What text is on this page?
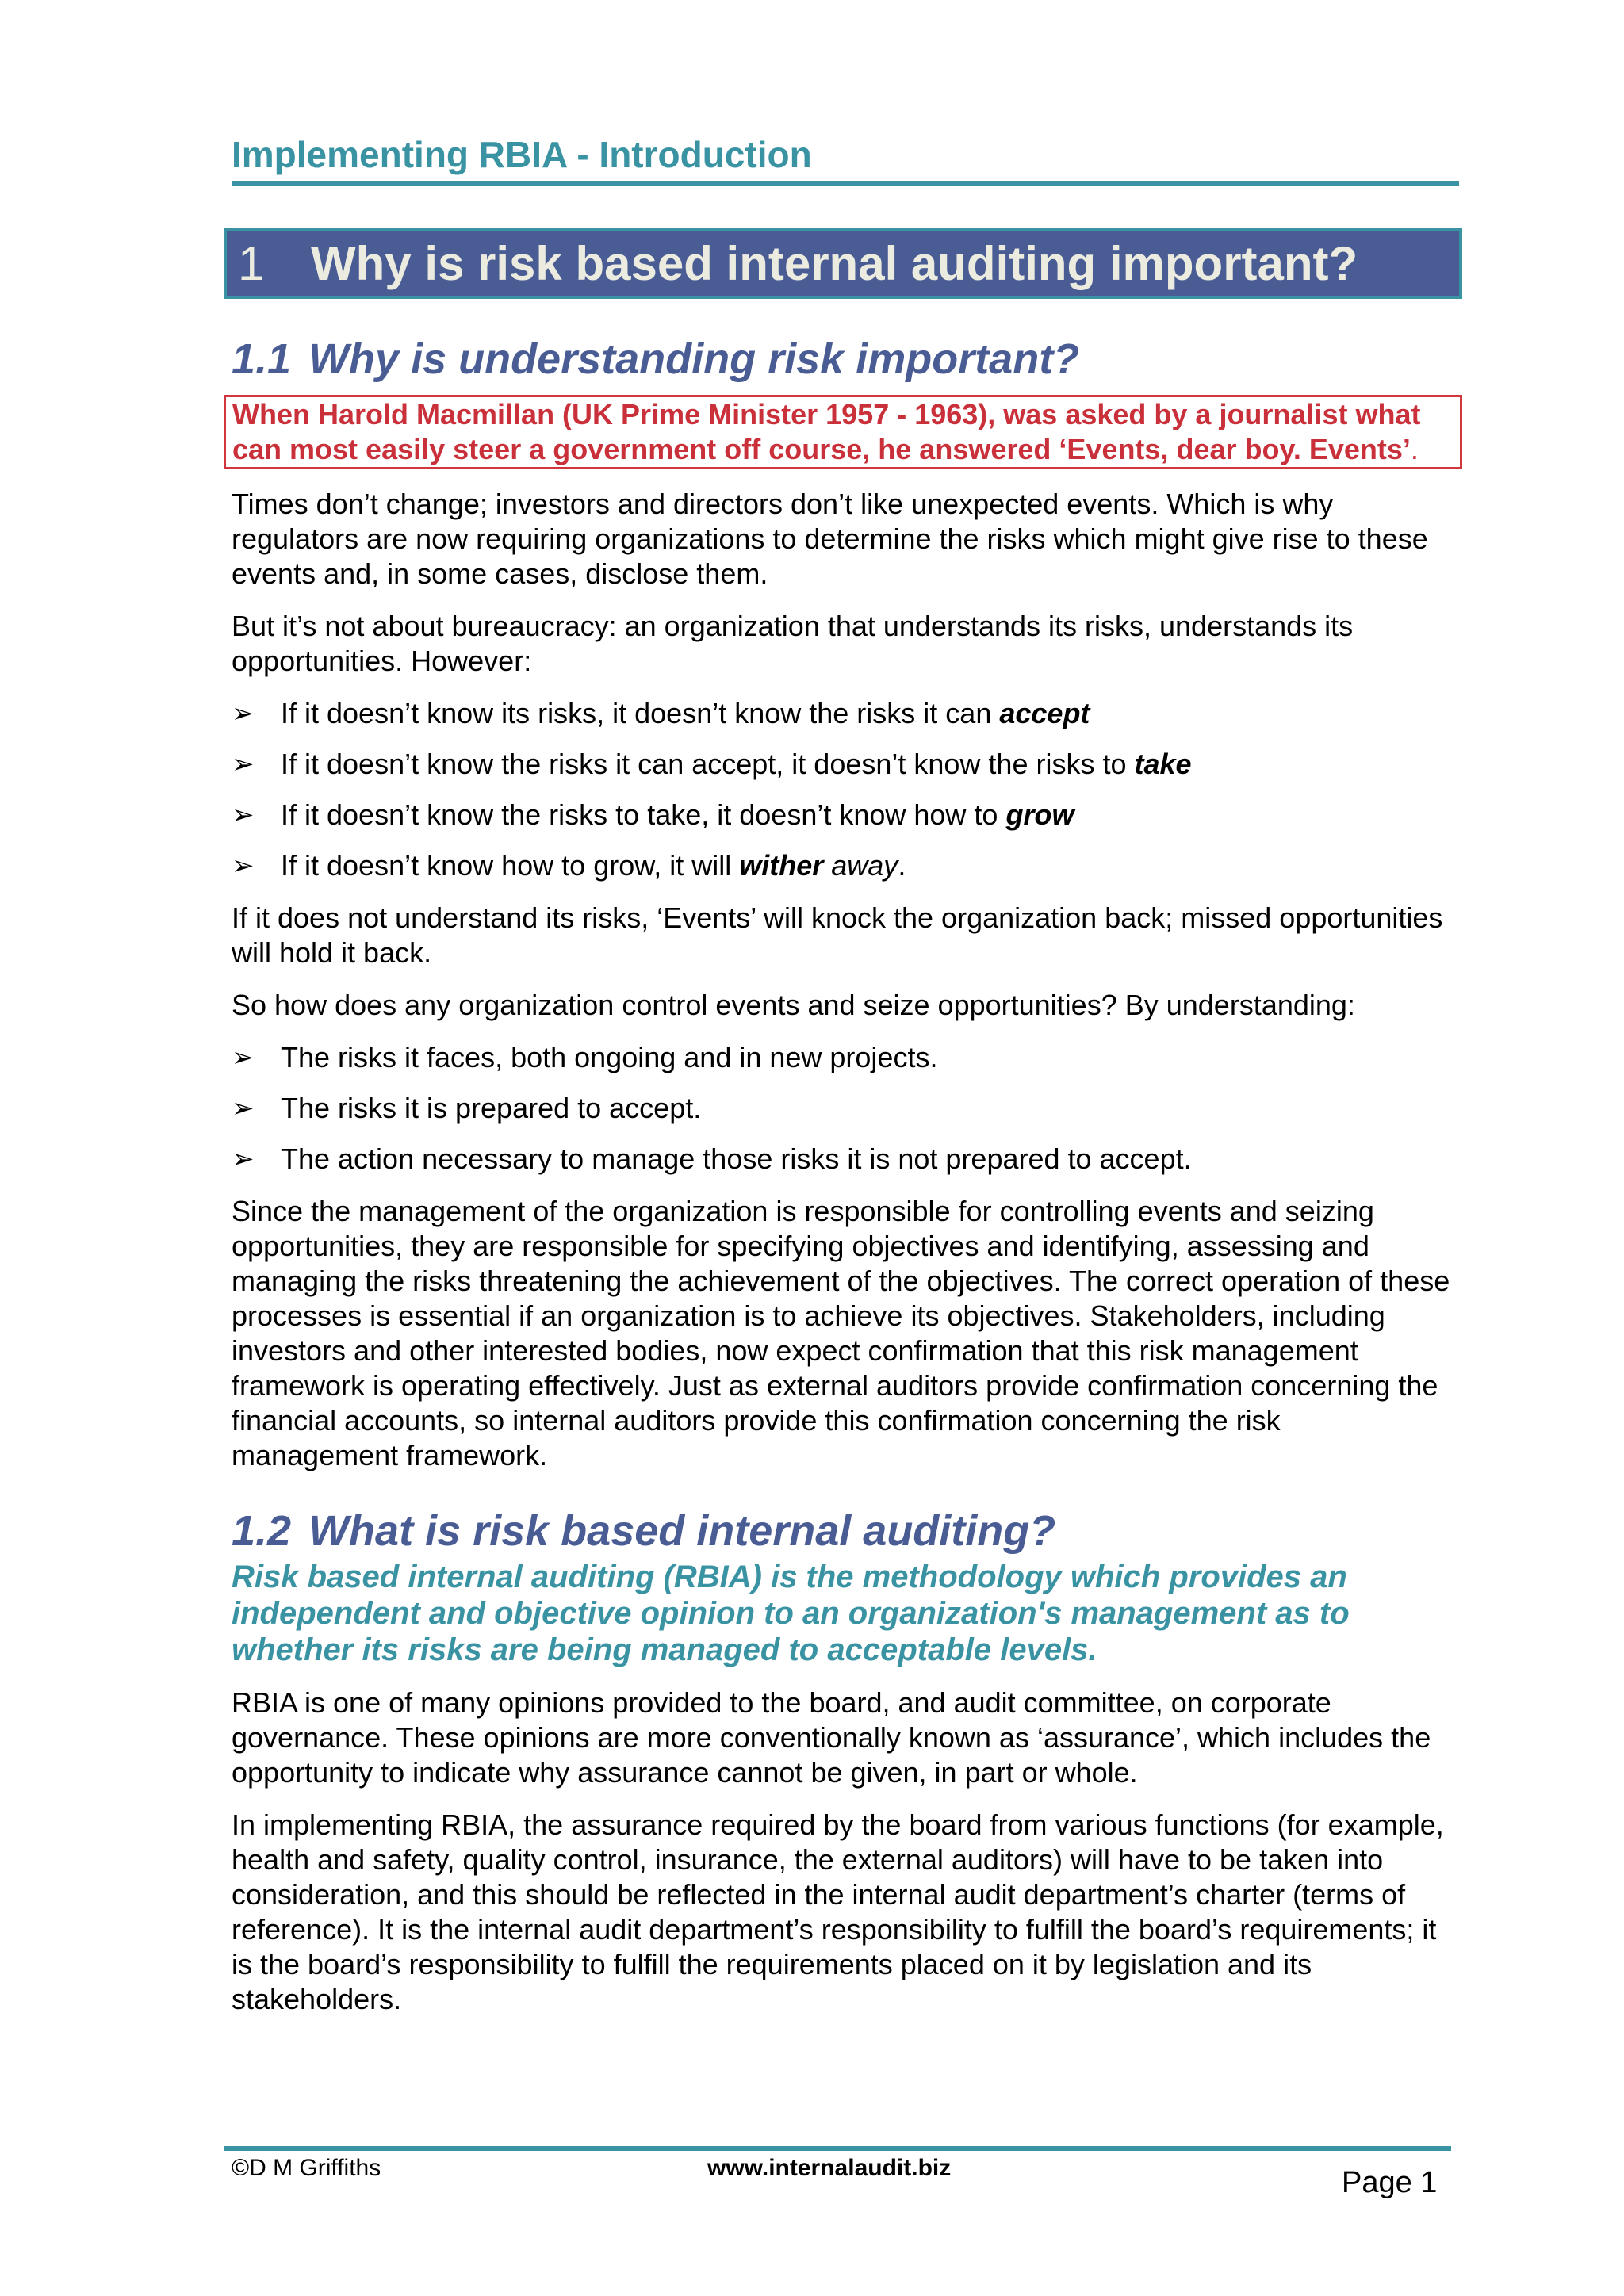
Implementing RBIA - Introduction
1 Why is risk based internal auditing important?
1.1 Why is understanding risk important?
When Harold Macmillan (UK Prime Minister 1957 - 1963), was asked by a journalist what can most easily steer a government off course, he answered ‘Events, dear boy. Events’.

Times don’t change; investors and directors don’t like unexpected events. Which is why regulators are now requiring organizations to determine the risks which might give rise to these events and, in some cases, disclose them.

But it’s not about bureaucracy: an organization that understands its risks, understands its opportunities. However:

➢ If it doesn’t know its risks, it doesn’t know the risks it can accept
➢ If it doesn’t know the risks it can accept, it doesn’t know the risks to take
➢ If it doesn’t know the risks to take, it doesn’t know how to grow
➢ If it doesn’t know how to grow, it will wither away.

If it does not understand its risks, ‘Events’ will knock the organization back; missed opportunities will hold it back.

So how does any organization control events and seize opportunities? By understanding:

➢ The risks it faces, both ongoing and in new projects.
➢ The risks it is prepared to accept.
➢ The action necessary to manage those risks it is not prepared to accept.

Since the management of the organization is responsible for controlling events and seizing opportunities, they are responsible for specifying objectives and identifying, assessing and managing the risks threatening the achievement of the objectives. The correct operation of these processes is essential if an organization is to achieve its objectives. Stakeholders, including investors and other interested bodies, now expect confirmation that this risk management framework is operating effectively. Just as external auditors provide confirmation concerning the financial accounts, so internal auditors provide this confirmation concerning the risk management framework.

1.2 What is risk based internal auditing?
Risk based internal auditing (RBIA) is the methodology which provides an independent and objective opinion to an organization's management as to whether its risks are being managed to acceptable levels.

RBIA is one of many opinions provided to the board, and audit committee, on corporate governance. These opinions are more conventionally known as ‘assurance’, which includes the opportunity to indicate why assurance cannot be given, in part or whole.

In implementing RBIA, the assurance required by the board from various functions (for example, health and safety, quality control, insurance, the external auditors) will have to be taken into consideration, and this should be reflected in the internal audit department’s charter (terms of reference). It is the internal audit department’s responsibility to fulfill the board’s requirements; it is the board’s responsibility to fulfill the requirements placed on it by legislation and its stakeholders.

©D M Griffiths	www.internalaudit.biz	Page 1
